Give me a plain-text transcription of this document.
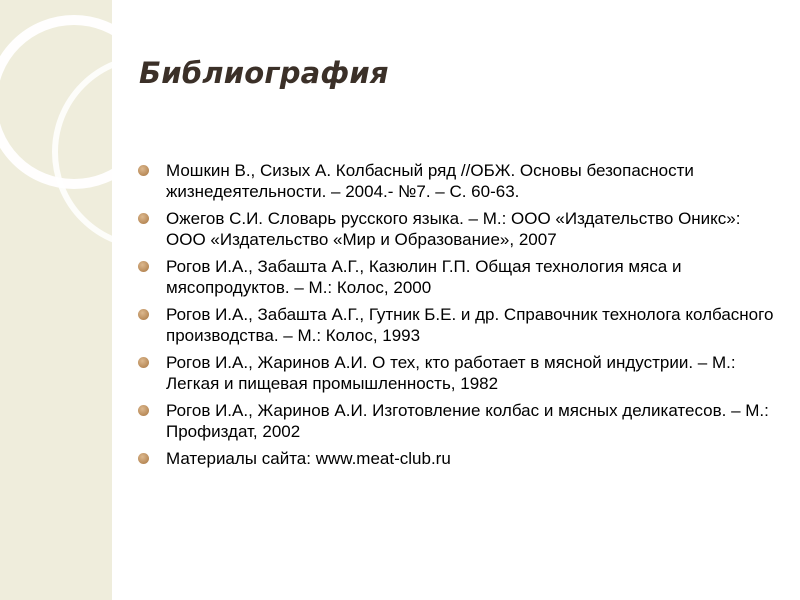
Библиография
Мошкин В., Сизых А. Колбасный ряд //ОБЖ. Основы безопасности жизнедеятельности. – 2004.- №7. – С. 60-63.
Ожегов С.И. Словарь русского языка. – М.: ООО «Издательство Оникс»: ООО «Издательство «Мир и Образование», 2007
Рогов И.А., Забашта А.Г., Казюлин Г.П. Общая технология мяса и мясопродуктов. – М.: Колос, 2000
Рогов И.А., Забашта А.Г., Гутник Б.Е. и др. Справочник технолога колбасного производства. – М.: Колос, 1993
Рогов И.А., Жаринов А.И. О тех, кто работает в мясной индустрии. – М.: Легкая и пищевая промышленность, 1982
Рогов И.А., Жаринов А.И. Изготовление колбас и мясных деликатесов. – М.: Профиздат, 2002
Материалы сайта: www.meat-club.ru
